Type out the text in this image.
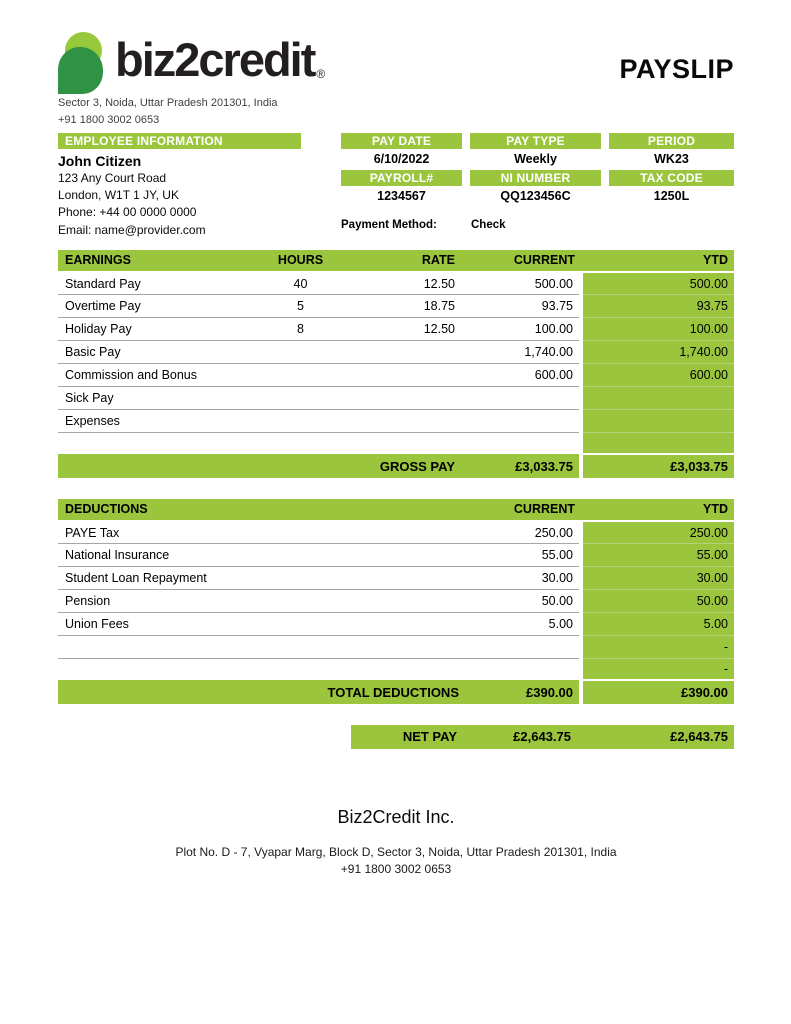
biz2credit ®	PAYSLIP
Sector 3, Noida, Uttar Pradesh 201301, India
+91 1800 3002 0653
EMPLOYEE INFORMATION
John Citizen
123 Any Court Road
London, W1T 1 JY, UK
Phone: +44 00 0000 0000
Email: name@provider.com
PAY DATE	PAY TYPE	PERIOD
6/10/2022	Weekly	WK23
PAYROLL#	NI NUMBER	TAX CODE
1234567	QQ123456C	1250L
Payment Method:	Check
EARNINGS	HOURS	RATE	CURRENT	YTD
Standard Pay	40	12.50	500.00	500.00
Overtime Pay	5	18.75	93.75	93.75
Holiday Pay	8	12.50	100.00	100.00
Basic Pay			1,740.00	1,740.00
Commission and Bonus			600.00	600.00
Sick Pay				
Expenses				

GROSS PAY			£3,033.75	£3,033.75
DEDUCTIONS	CURRENT	YTD
PAYE Tax	250.00	250.00
National Insurance	55.00	55.00
Student Loan Repayment	30.00	30.00
Pension	50.00	50.00
Union Fees	5.00	5.00
		-
		-
TOTAL DEDUCTIONS	£390.00	£390.00
NET PAY	£2,643.75	£2,643.75
Biz2Credit Inc.
Plot No. D - 7, Vyapar Marg, Block D, Sector 3, Noida, Uttar Pradesh 201301, India
+91 1800 3002 0653
